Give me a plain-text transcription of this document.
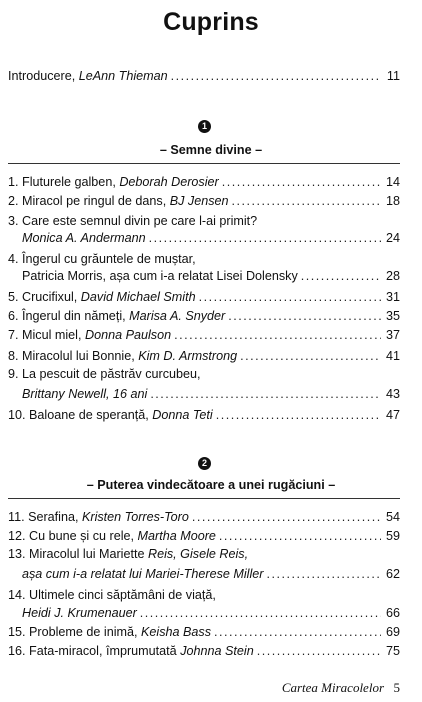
Cuprins
Introducere, LeAnn Thieman .....	11
1
– Semne divine –
1. Fluturele galben, Deborah Derosier .....	14
2. Miracol pe ringul de dans, BJ Jensen .....	18
3. Care este semnul divin pe care l-ai primit?
Monica A. Andermann .....	24
4. Îngerul cu grăuntele de muștar,
Patricia Morris, așa cum i-a relatat Lisei Dolensky .....	28
5. Crucifixul, David Michael Smith .....	31
6. Îngerul din nămeți, Marisa A. Snyder .....	35
7. Micul miel, Donna Paulson .....	37
8. Miracolul lui Bonnie, Kim D. Armstrong .....	41
9. La pescuit de păstrăv curcubeu,
Brittany Newell, 16 ani .....	43
10. Baloane de speranță, Donna Teti .....	47
2
– Puterea vindecătoare a unei rugăciuni –
11. Serafina, Kristen Torres-Toro .....	54
12. Cu bune și cu rele, Martha Moore .....	59
13. Miracolul lui Mariette Reis, Gisele Reis,
așa cum i-a relatat lui Mariei-Therese Miller .....	62
14. Ultimele cinci săptămâni de viață,
Heidi J. Krumenauer .....	66
15. Probleme de inimă, Keisha Bass .....	69
16. Fata-miracol, împrumutată Johnna Stein .....	75
Cartea Miracolelor 5
